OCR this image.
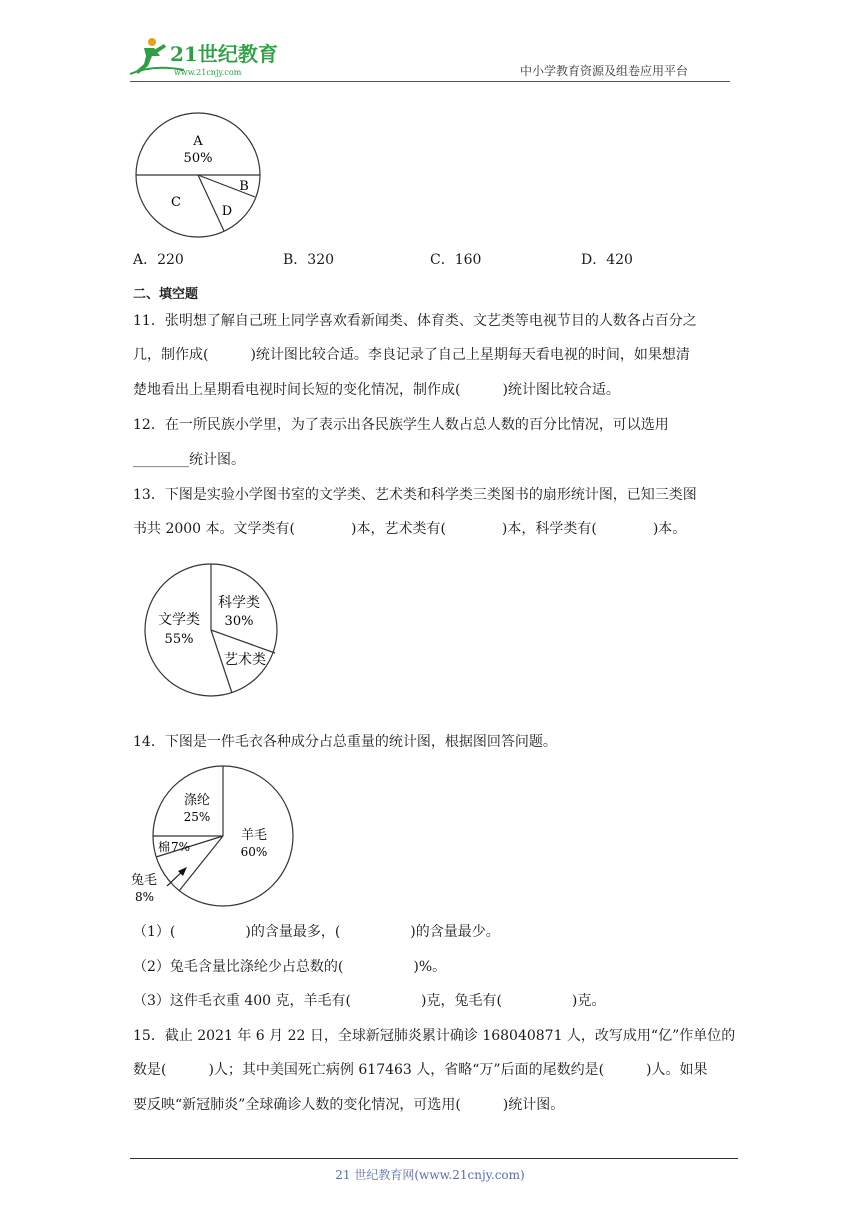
21世纪教育
www.21cnjy.com	中小学教育资源及组卷应用平台
A
50%
B
D
C
A．220	B．320	C．160	D．420
二、填空题
11．张明想了解自己班上同学喜欢看新闻类、体育类、文艺类等电视节目的人数各占百分之
几，制作成(　　　)统计图比较合适。李良记录了自己上星期每天看电视的时间，如果想清
楚地看出上星期看电视时间长短的变化情况，制作成(　　　)统计图比较合适。
12．在一所民族小学里，为了表示出各民族学生人数占总人数的百分比情况，可以选用
________统计图。
13．下图是实验小学图书室的文学类、艺术类和科学类三类图书的扇形统计图，已知三类图
书共 2000 本。文学类有(　　　　)本，艺术类有(　　　　)本，科学类有(　　　　)本。
文学类
55%
科学类
30%
艺术类
14．下图是一件毛衣各种成分占总重量的统计图，根据图回答问题。
涤纶
25%
羊毛
60%
棉 7%
兔毛
8%
（1）(　　　　　)的含量最多，(　　　　　)的含量最少。
（2）兔毛含量比涤纶少占总数的(　　　　　)%。
（3）这件毛衣重 400 克，羊毛有(　　　　　)克，兔毛有(　　　　　)克。
15．截止 2021 年 6 月 22 日，全球新冠肺炎累计确诊 168040871 人，改写成用“亿”作单位的
数是(　　　)人；其中美国死亡病例 617463 人，省略“万”后面的尾数约是(　　　)人。如果
要反映“新冠肺炎”全球确诊人数的变化情况，可选用(　　　)统计图。
21 世纪教育网(www.21cnjy.com)
